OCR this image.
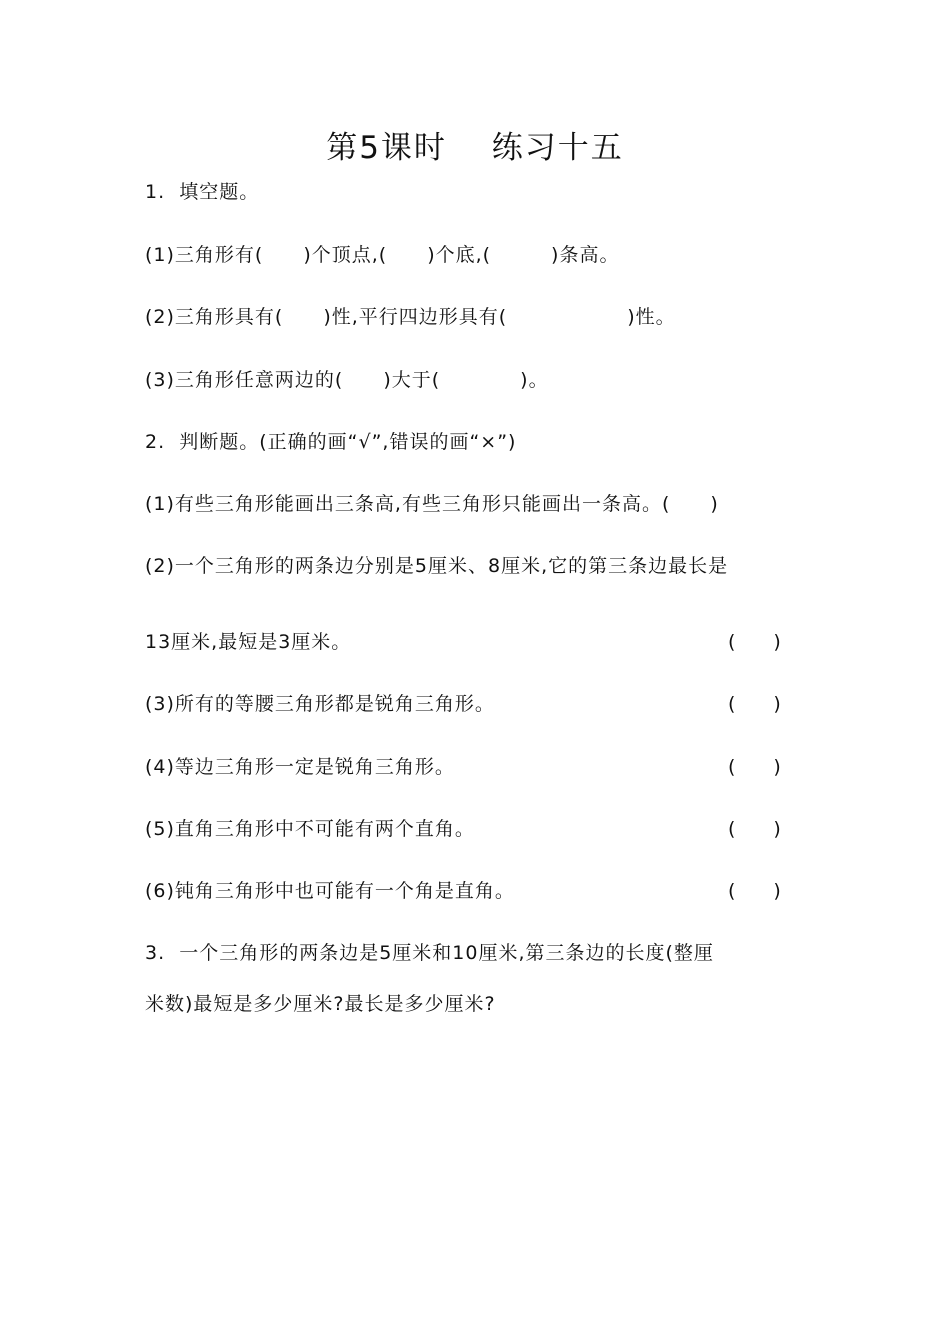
第5课时　 练习十五
1.  填空题。
(1)三角形有(　　)个顶点,(　　)个底,(　　　)条高。
(2)三角形具有(　　)性,平行四边形具有(　　　　　　)性。
(3)三角形任意两边的(　　)大于(　　　　)。
2.  判断题。(正确的画“√”,错误的画“×”)
(1)有些三角形能画出三条高,有些三角形只能画出一条高。(　　)
(2)一个三角形的两条边分别是5厘米、8厘米,它的第三条边最长是
13厘米,最短是3厘米。	(　　)
(3)所有的等腰三角形都是锐角三角形。	(　　)
(4)等边三角形一定是锐角三角形。	(　　)
(5)直角三角形中不可能有两个直角。	(　　)
(6)钝角三角形中也可能有一个角是直角。	(　　)
3.  一个三角形的两条边是5厘米和10厘米,第三条边的长度(整厘
米数)最短是多少厘米?最长是多少厘米?
